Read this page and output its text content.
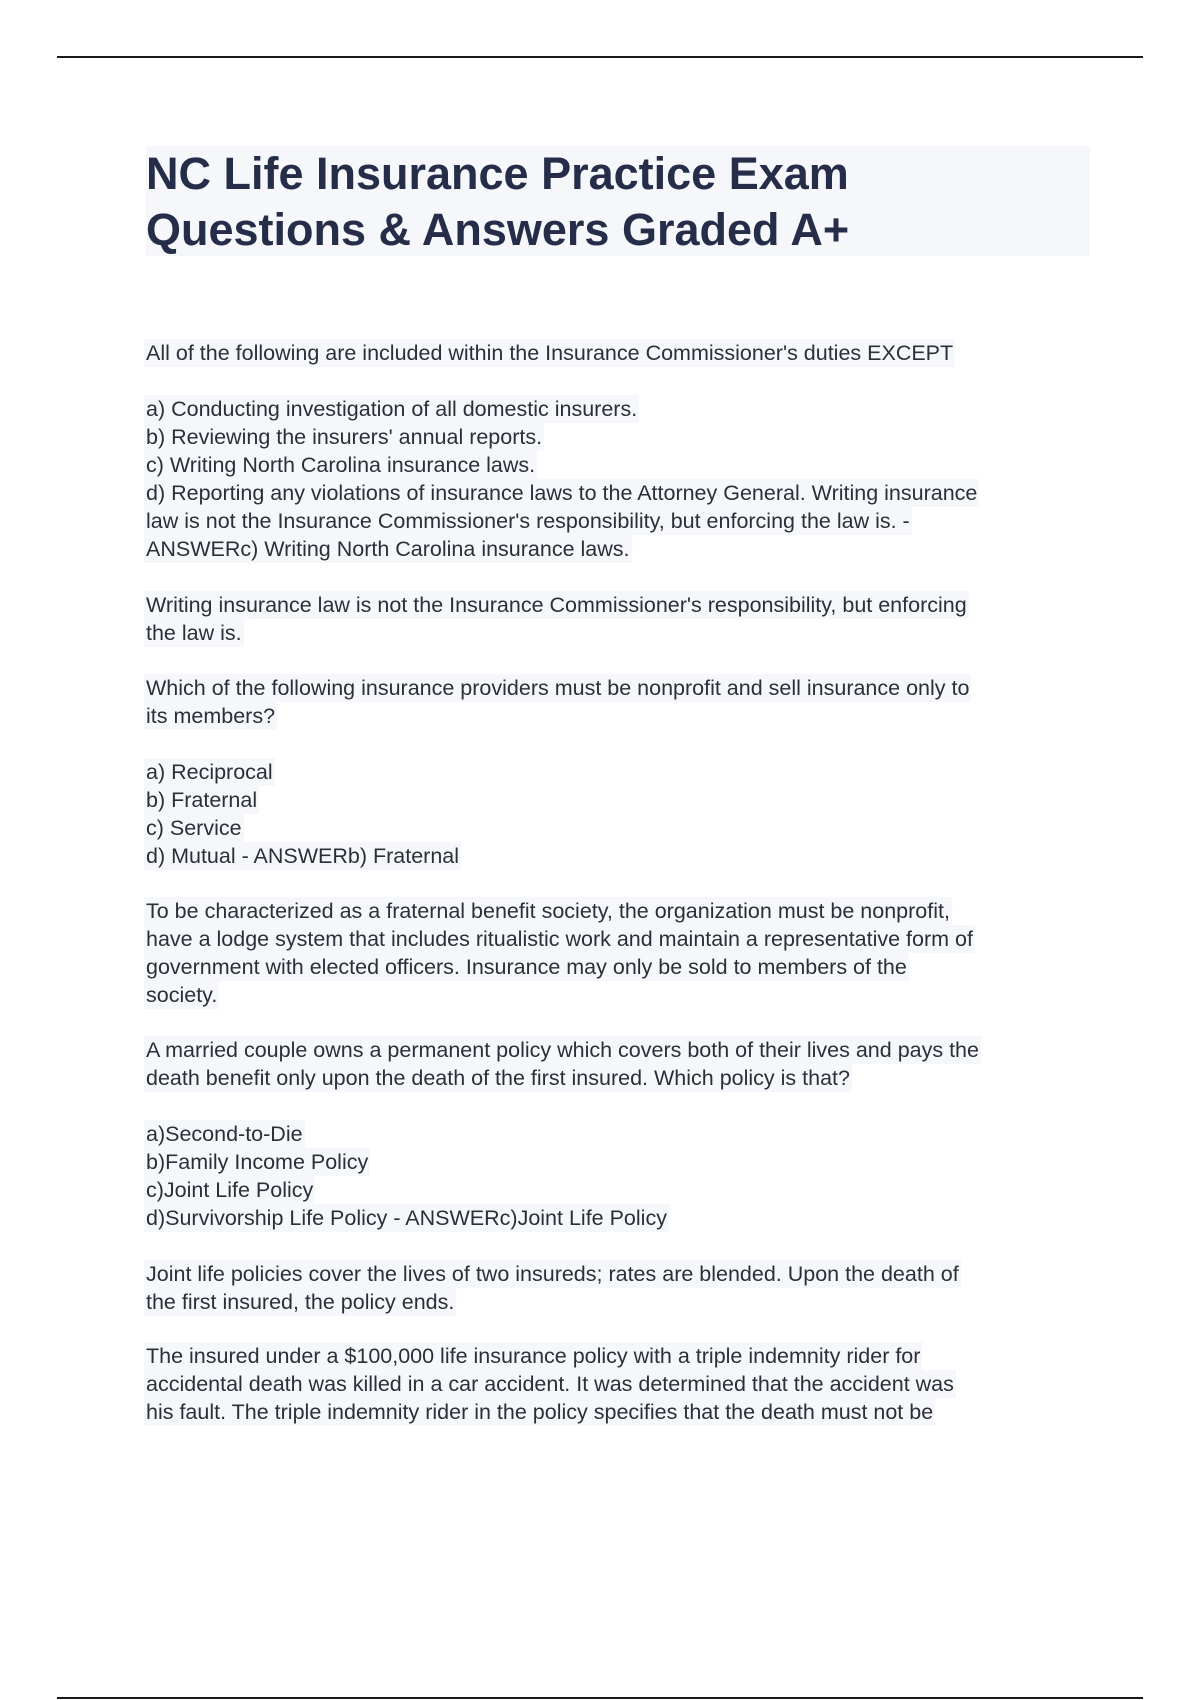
NC Life Insurance Practice Exam
Questions & Answers Graded A+
All of the following are included within the Insurance Commissioner's duties EXCEPT
a) Conducting investigation of all domestic insurers.
b) Reviewing the insurers' annual reports.
c) Writing North Carolina insurance laws.
d) Reporting any violations of insurance laws to the Attorney General. Writing insurance
law is not the Insurance Commissioner's responsibility, but enforcing the law is. -
ANSWERc) Writing North Carolina insurance laws.
Writing insurance law is not the Insurance Commissioner's responsibility, but enforcing
the law is.
Which of the following insurance providers must be nonprofit and sell insurance only to
its members?
a) Reciprocal
b) Fraternal
c) Service
d) Mutual - ANSWERb) Fraternal
To be characterized as a fraternal benefit society, the organization must be nonprofit,
have a lodge system that includes ritualistic work and maintain a representative form of
government with elected officers. Insurance may only be sold to members of the
society.
A married couple owns a permanent policy which covers both of their lives and pays the
death benefit only upon the death of the first insured. Which policy is that?
a)Second-to-Die
b)Family Income Policy
c)Joint Life Policy
d)Survivorship Life Policy - ANSWERc)Joint Life Policy
Joint life policies cover the lives of two insureds; rates are blended. Upon the death of
the first insured, the policy ends.
The insured under a $100,000 life insurance policy with a triple indemnity rider for
accidental death was killed in a car accident. It was determined that the accident was
his fault. The triple indemnity rider in the policy specifies that the death must not be
